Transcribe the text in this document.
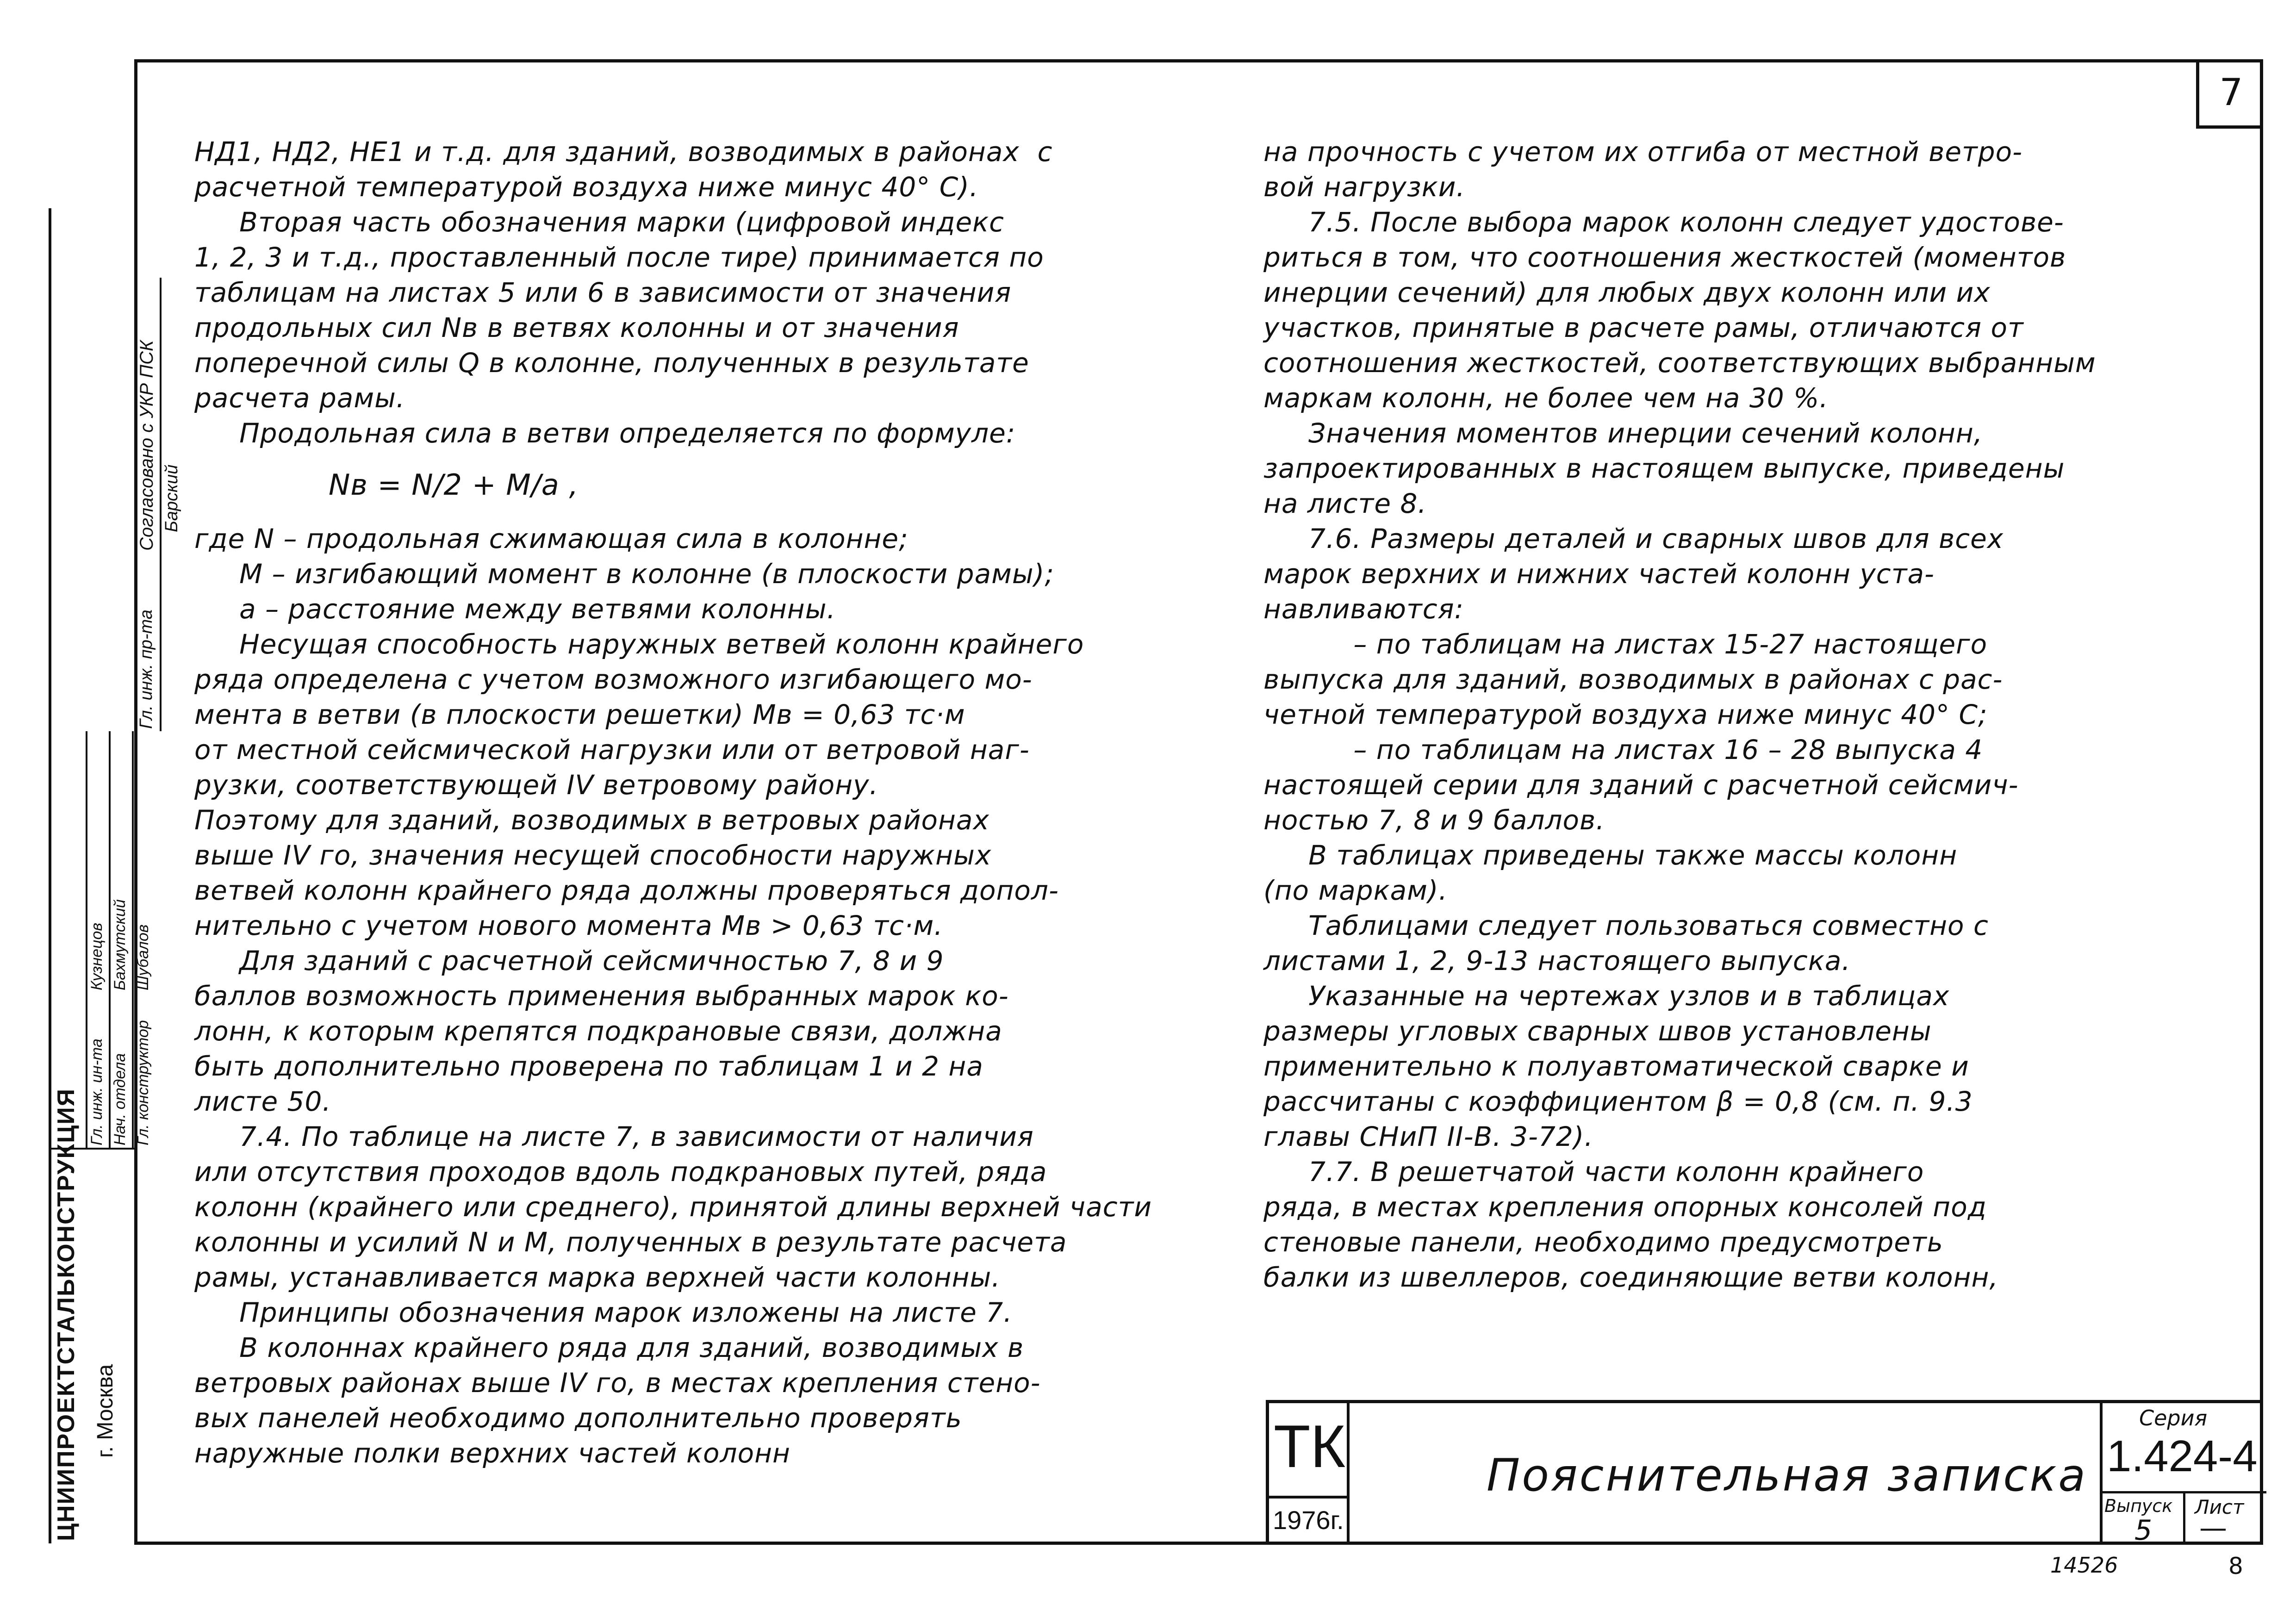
7
НД1, НД2, НЕ1 и т.д. для зданий, возводимых в районах  с
расчетной температурой воздуха ниже минус 40° С).
Вторая часть обозначения марки (цифровой индекс
1, 2, 3 и т.д., проставленный после тире) принимается по
таблицам на листах 5 или 6 в зависимости от значения
продольных сил Nв в ветвях колонны и от значения
поперечной силы Q в колонне, полученных в результате
расчета рамы.
Продольная сила в ветви определяется по формуле:
где N – продольная сжимающая сила в колонне;
M – изгибающий момент в колонне (в плоскости рамы);
a – расстояние между ветвями колонны.
Несущая способность наружных ветвей колонн крайнего
ряда определена с учетом возможного изгибающего мо-
мента в ветви (в плоскости решетки) Mв = 0,63 тс·м
от местной сейсмической нагрузки или от ветровой наг-
рузки, соответствующей IV ветровому району.
Поэтому для зданий, возводимых в ветровых районах
выше IV го, значения несущей способности наружных
ветвей колонн крайнего ряда должны проверяться допол-
нительно с учетом нового момента Mв > 0,63 тс·м.
Для зданий с расчетной сейсмичностью 7, 8 и 9
баллов возможность применения выбранных марок ко-
лонн, к которым крепятся подкрановые связи, должна
быть дополнительно проверена по таблицам 1 и 2 на
листе 50.
7.4. По таблице на листе 7, в зависимости от наличия
или отсутствия проходов вдоль подкрановых путей, ряда
колонн (крайнего или среднего), принятой длины верхней части
колонны и усилий N и M, полученных в результате расчета
рамы, устанавливается марка верхней части колонны.
Принципы обозначения марок изложены на листе 7.
В колоннах крайнего ряда для зданий, возводимых в
ветровых районах выше IV го, в местах крепления стено-
вых панелей необходимо дополнительно проверять
наружные полки верхних частей колонн
Nв = N/2 + M/a ,
на прочность с учетом их отгиба от местной ветро-
вой нагрузки.
7.5. После выбора марок колонн следует удостове-
риться в том, что соотношения жесткостей (моментов
инерции сечений) для любых двух колонн или их
участков, принятые в расчете рамы, отличаются от
соотношения жесткостей, соответствующих выбранным
маркам колонн, не более чем на 30 %.
Значения моментов инерции сечений колонн,
запроектированных в настоящем выпуске, приведены
на листе 8.
7.6. Размеры деталей и сварных швов для всех
марок верхних и нижних частей колонн уста-
навливаются:
– по таблицам на листах 15-27 настоящего
выпуска для зданий, возводимых в районах с рас-
четной температурой воздуха ниже минус 40° С;
– по таблицам на листах 16 – 28 выпуска 4
настоящей серии для зданий с расчетной сейсмич-
ностью 7, 8 и 9 баллов.
В таблицах приведены также массы колонн
(по маркам).
Таблицами следует пользоваться совместно с
листами 1, 2, 9-13 настоящего выпуска.
Указанные на чертежах узлов и в таблицах
размеры угловых сварных швов установлены
применительно к полуавтоматической сварке и
рассчитаны с коэффициентом β = 0,8 (см. п. 9.3
главы СНиП II-В. 3-72).
7.7. В решетчатой части колонн крайнего
ряда, в местах крепления опорных консолей под
стеновые панели, необходимо предусмотреть
балки из швеллеров, соединяющие ветви колонн,
ЦНИИПРОЕКТСТАЛЬКОНСТРУКЦИЯ г. Москва
Гл. инж. ин-та Нач. отдела Гл. конструктор
Кузнецов Бахмутский Шубалов
Гл. инж. пр-та
Согласовано с УКР ПСК Барский
ТК
1976г.
Пояснительная записка
Серия
1.424-4
Выпуск
5
Лист
—
14526	8
